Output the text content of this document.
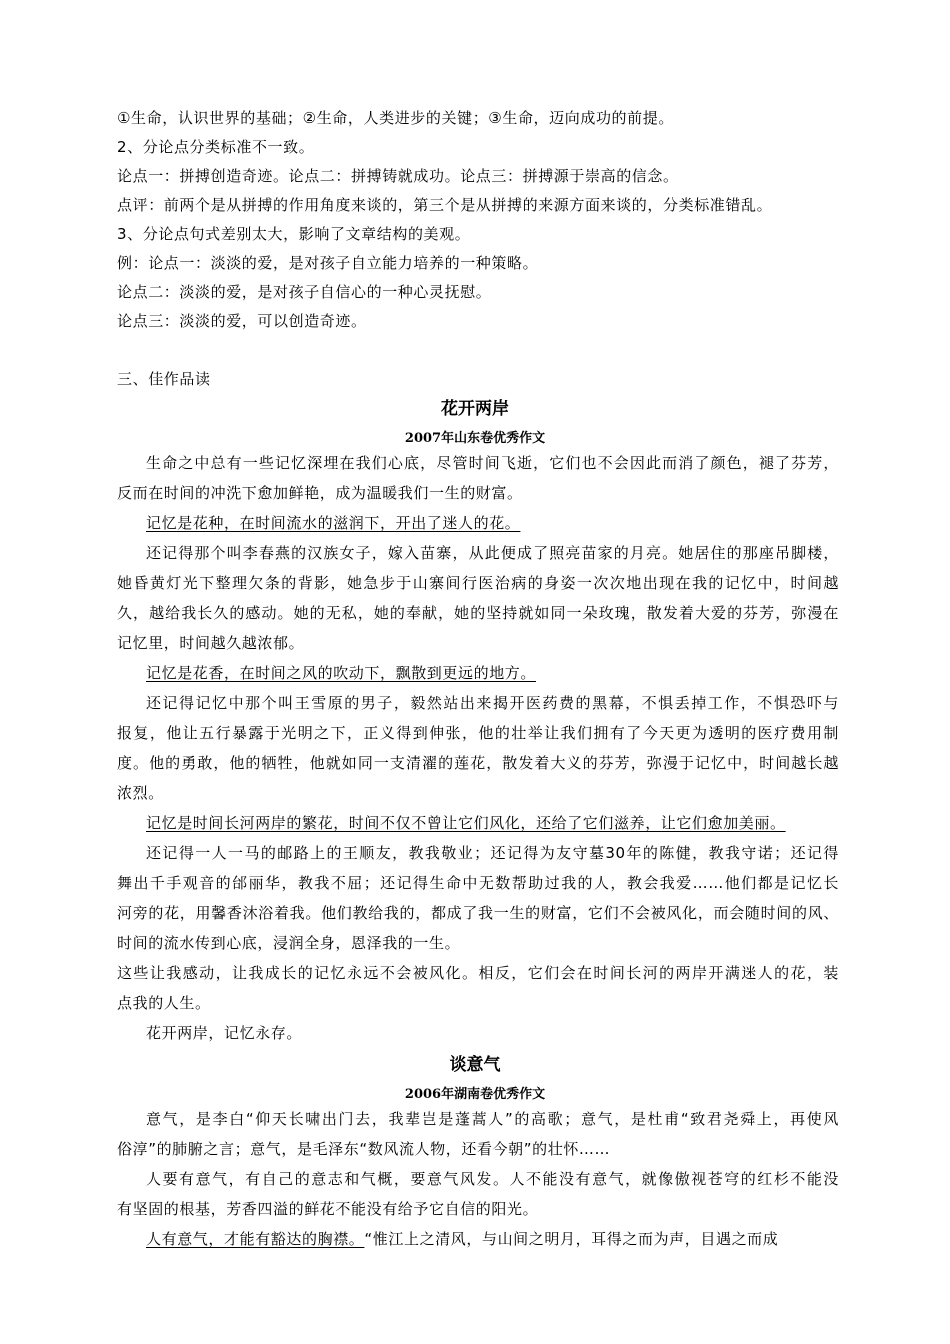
①生命，认识世界的基础；②生命，人类进步的关键；③生命，迈向成功的前提。
2、分论点分类标准不一致。
论点一：拼搏创造奇迹。论点二：拼搏铸就成功。论点三：拼搏源于崇高的信念。
点评：前两个是从拼搏的作用角度来谈的，第三个是从拼搏的来源方面来谈的，分类标准错乱。
3、分论点句式差别太大，影响了文章结构的美观。
例：论点一：淡淡的爱，是对孩子自立能力培养的一种策略。
论点二：淡淡的爱，是对孩子自信心的一种心灵抚慰。
论点三：淡淡的爱，可以创造奇迹。
三、佳作品读
花开两岸
2007年山东卷优秀作文
生命之中总有一些记忆深埋在我们心底，尽管时间飞逝，它们也不会因此而消了颜色，褪了芬芳，
反而在时间的冲洗下愈加鲜艳，成为温暖我们一生的财富。
记忆是花种，在时间流水的滋润下，开出了迷人的花。
还记得那个叫李春燕的汉族女子，嫁入苗寨，从此便成了照亮苗家的月亮。她居住的那座吊脚楼，
她昏黄灯光下整理欠条的背影，她急步于山寨间行医治病的身姿一次次地出现在我的记忆中，时间越
久，越给我长久的感动。她的无私，她的奉献，她的坚持就如同一朵玫瑰，散发着大爱的芬芳，弥漫在
记忆里，时间越久越浓郁。
记忆是花香，在时间之风的吹动下，飘散到更远的地方。
还记得记忆中那个叫王雪原的男子，毅然站出来揭开医药费的黑幕，不惧丢掉工作，不惧恐吓与
报复，他让五行暴露于光明之下，正义得到伸张，他的壮举让我们拥有了今天更为透明的医疗费用制
度。他的勇敢，他的牺牲，他就如同一支清濯的莲花，散发着大义的芬芳，弥漫于记忆中，时间越长越
浓烈。
记忆是时间长河两岸的繁花，时间不仅不曾让它们风化，还给了它们滋养，让它们愈加美丽。
还记得一人一马的邮路上的王顺友，教我敬业；还记得为友守墓30年的陈健，教我守诺；还记得
舞出千手观音的邰丽华，教我不屈；还记得生命中无数帮助过我的人，教会我爱……他们都是记忆长
河旁的花，用馨香沐浴着我。他们教给我的，都成了我一生的财富，它们不会被风化，而会随时间的风、
时间的流水传到心底，浸润全身，恩泽我的一生。
这些让我感动，让我成长的记忆永远不会被风化。相反，它们会在时间长河的两岸开满迷人的花，装
点我的人生。
花开两岸，记忆永存。
谈意气
2006年湖南卷优秀作文
意气，是李白“仰天长啸出门去，我辈岂是蓬蒿人”的高歌；意气，是杜甫“致君尧舜上，再使风
俗淳”的肺腑之言；意气，是毛泽东“数风流人物，还看今朝”的壮怀……
人要有意气，有自己的意志和气概，要意气风发。人不能没有意气，就像傲视苍穹的红杉不能没
有坚固的根基，芳香四溢的鲜花不能没有给予它自信的阳光。
人有意气，才能有豁达的胸襟。“惟江上之清风，与山间之明月，耳得之而为声，目遇之而成
